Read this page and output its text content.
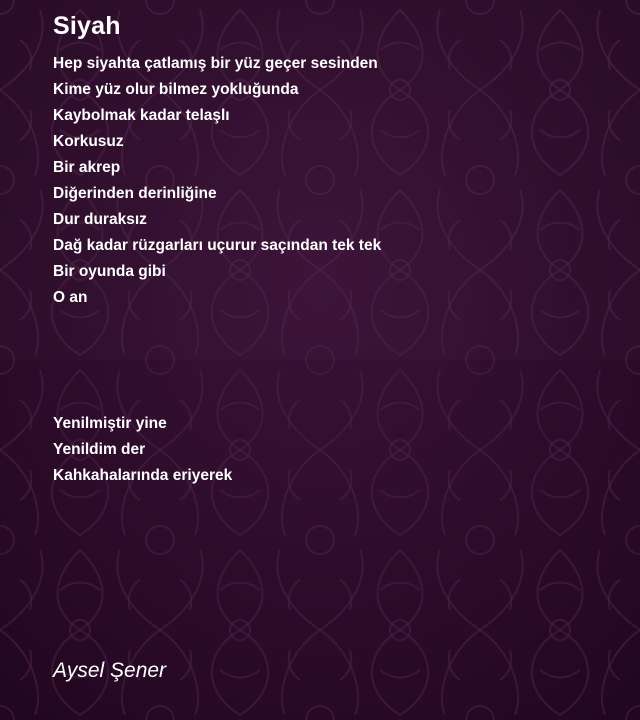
Siyah
Hep siyahta çatlamış bir yüz geçer sesinden
Kime yüz olur bilmez yokluğunda
Kaybolmak kadar telaşlı
Korkusuz
Bir akrep
Diğerinden derinliğine
Dur duraksız
Dağ kadar rüzgarları uçurur saçından tek tek
Bir oyunda gibi
O an
Yenilmiştir yine
Yenildim der
Kahkahalarında eriyerek

Aysel Şener
